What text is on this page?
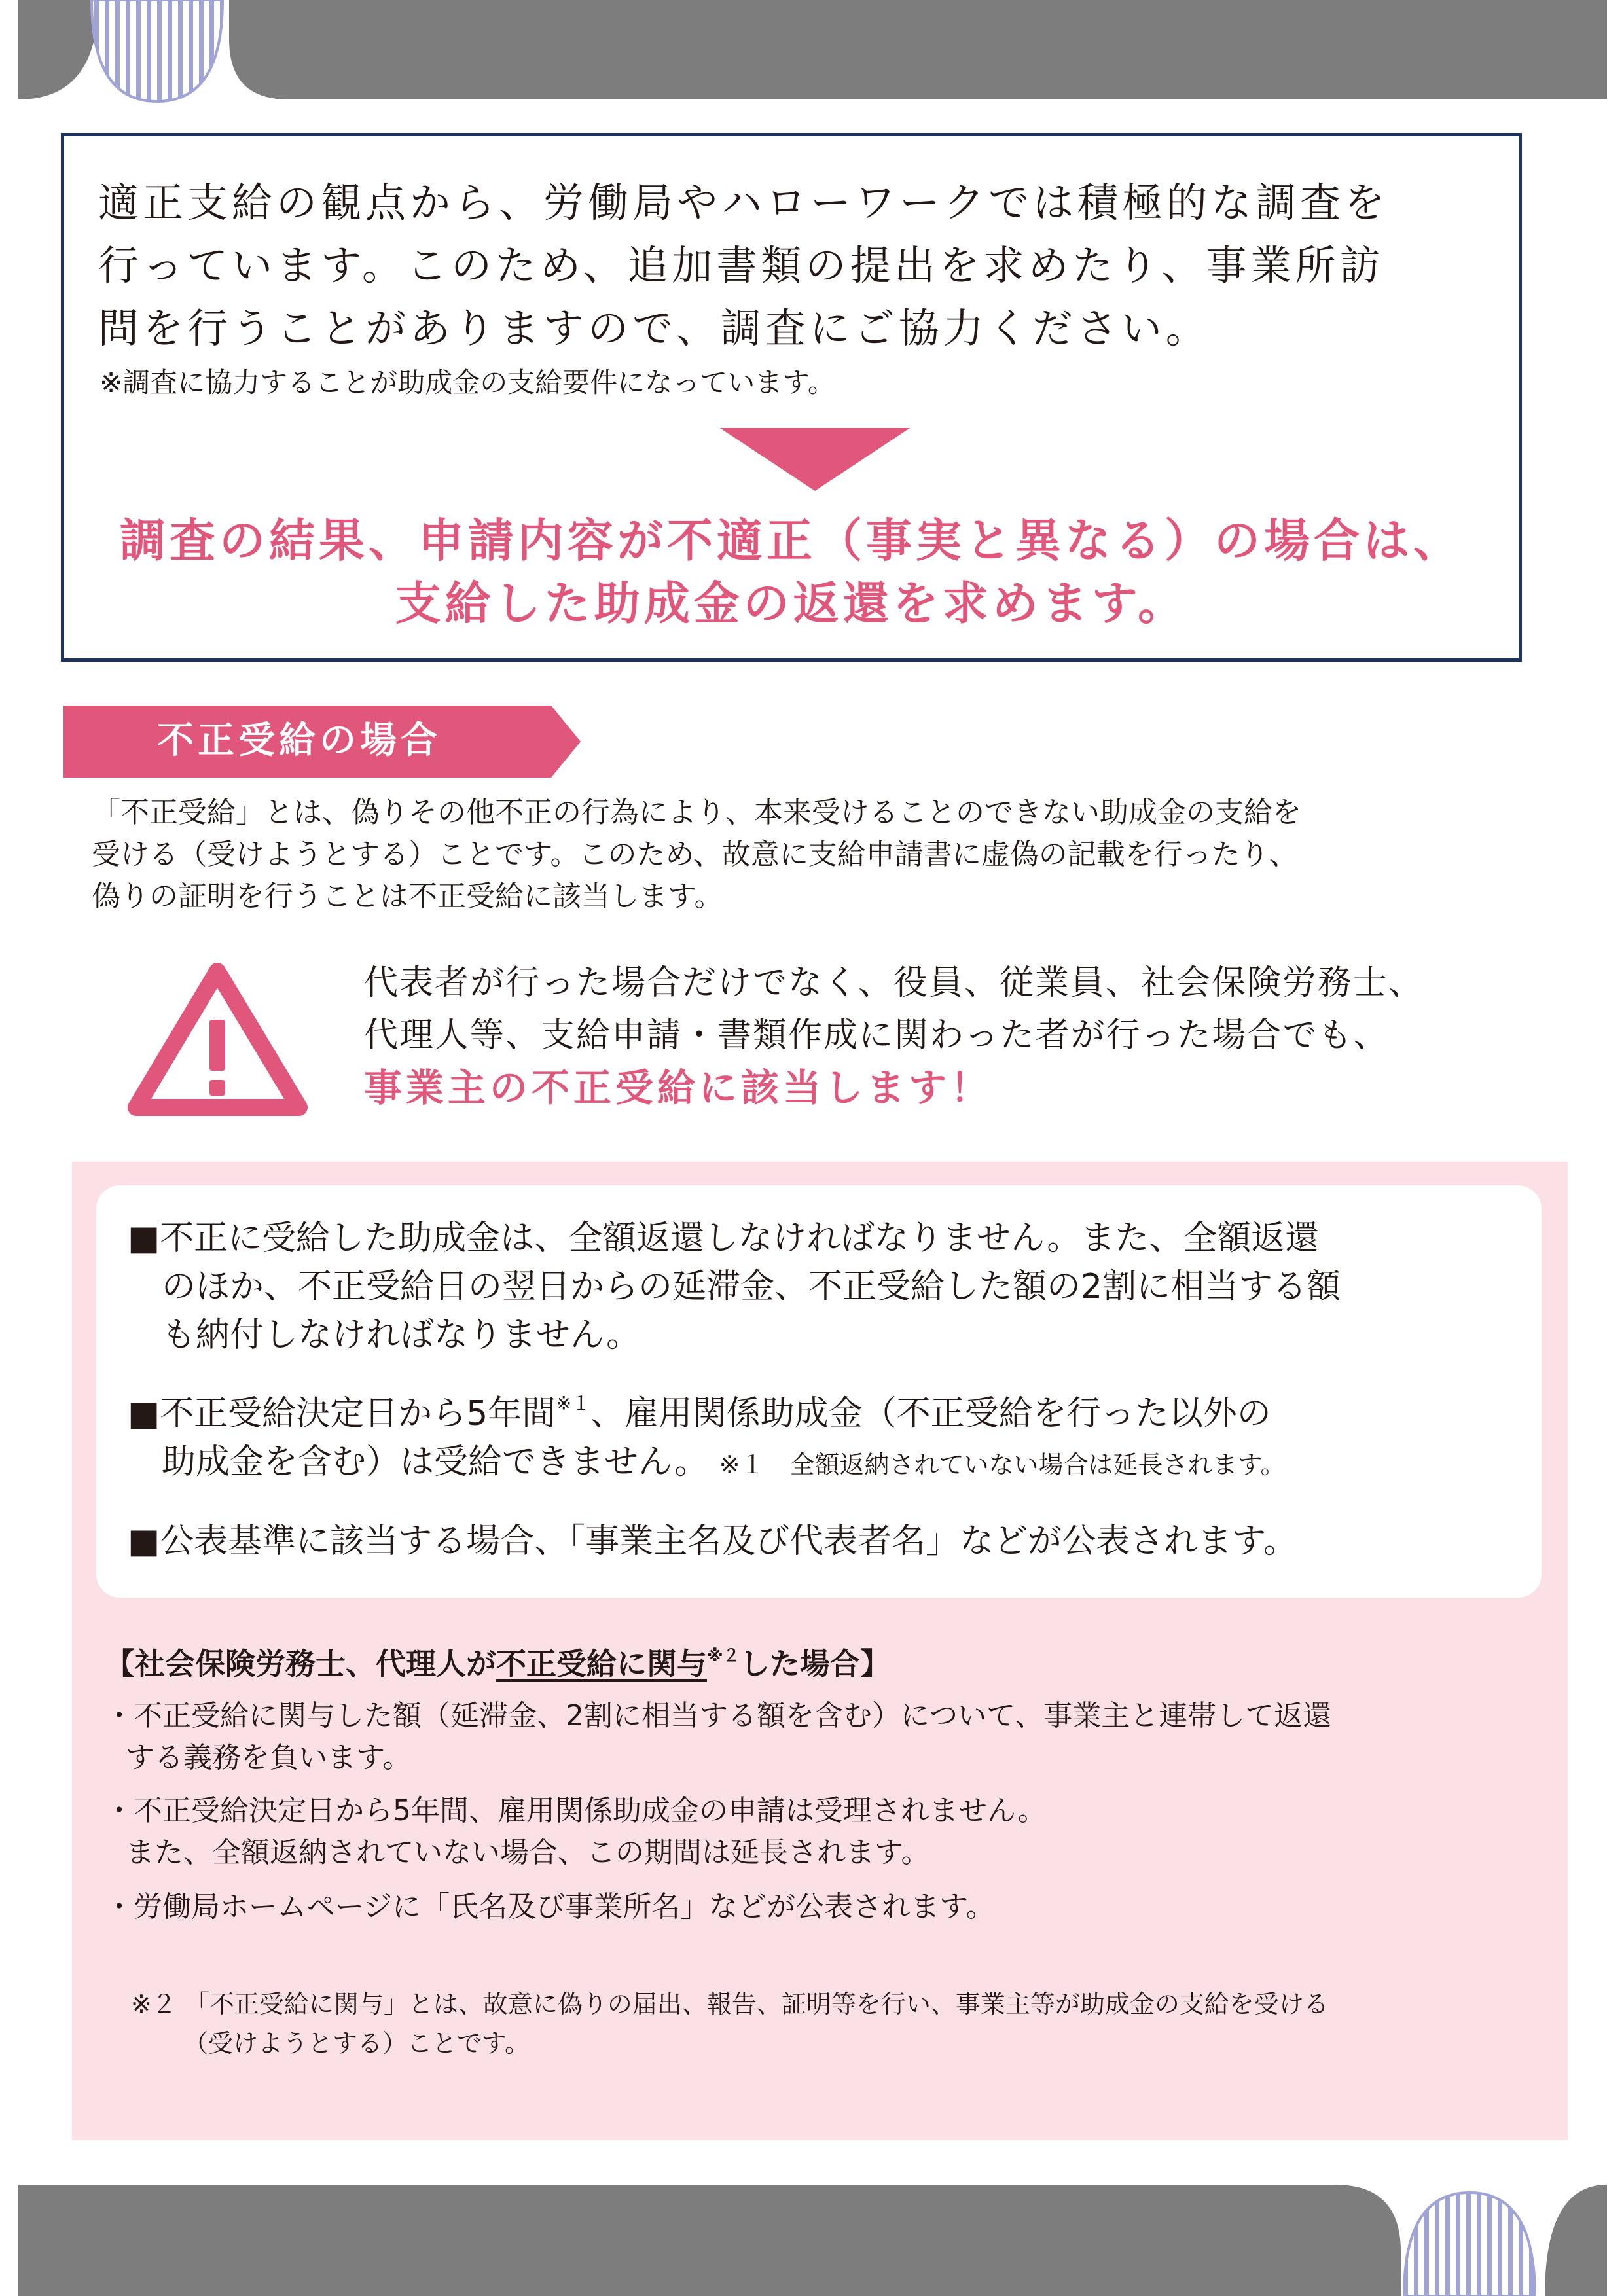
適正支給の観点から、労働局やハローワークでは積極的な調査を
行っています。このため、追加書類の提出を求めたり、事業所訪
問を行うことがありますので、調査にご協力ください。
※調査に協力することが助成金の支給要件になっています。
調査の結果、申請内容が不適正（事実と異なる）の場合は、
支給した助成金の返還を求めます。
不正受給の場合
「不正受給」とは、偽りその他不正の行為により、本来受けることのできない助成金の支給を
受ける（受けようとする）ことです。このため、故意に支給申請書に虚偽の記載を行ったり、
偽りの証明を行うことは不正受給に該当します。
代表者が行った場合だけでなく、役員、従業員、社会保険労務士、
代理人等、支給申請・書類作成に関わった者が行った場合でも、
事業主の不正受給に該当します！
■不正に受給した助成金は、全額返還しなければなりません。また、全額返還
のほか、不正受給日の翌日からの延滞金、不正受給した額の2割に相当する額
も納付しなければなりません。
■不正受給決定日から5年間$^{※1}$、雇用関係助成金（不正受給を行った以外の
助成金を含む）は受給できません。 ※１　全額返納されていない場合は延長されます。
■公表基準に該当する場合、「事業主名及び代表者名」などが公表されます。
【社会保険労務士、代理人が不正受給に関与$^{※2}$した場合】
・不正受給に関与した額（延滞金、2割に相当する額を含む）について、事業主と連帯して返還
する義務を負います。
・不正受給決定日から5年間、雇用関係助成金の申請は受理されません。
また、全額返納されていない場合、この期間は延長されます。
・労働局ホームページに「氏名及び事業所名」などが公表されます。
※２ 「不正受給に関与」とは、故意に偽りの届出、報告、証明等を行い、事業主等が助成金の支給を受ける
（受けようとする）ことです。
